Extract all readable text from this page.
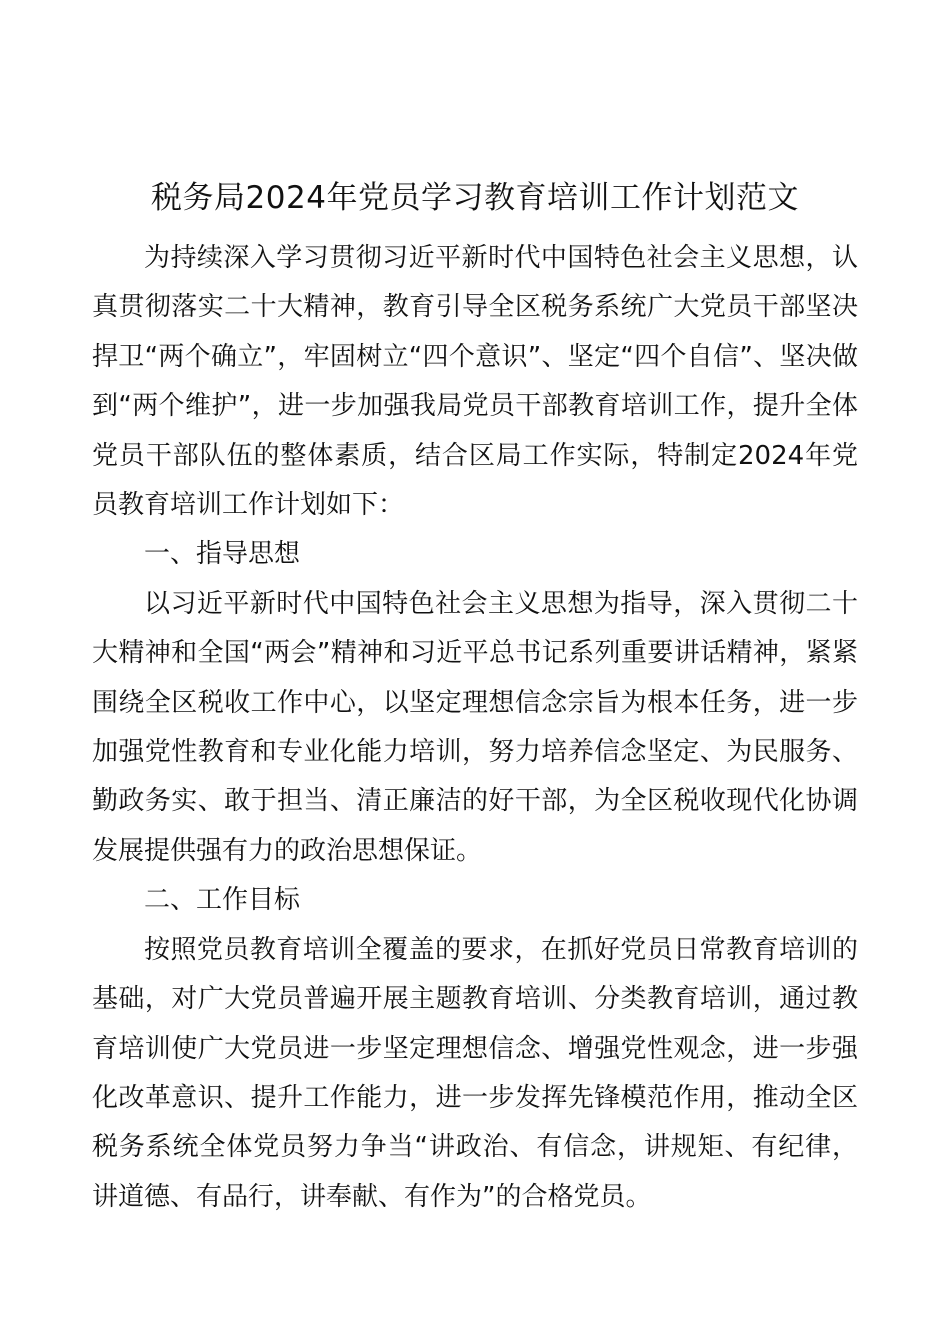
税务局2024年党员学习教育培训工作计划范文

为持续深入学习贯彻习近平新时代中国特色社会主义思想，认真贯彻落实二十大精神，教育引导全区税务系统广大党员干部坚决捍卫“两个确立”，牢固树立“四个意识”、坚定“四个自信”、坚决做到“两个维护”，进一步加强我局党员干部教育培训工作，提升全体党员干部队伍的整体素质，结合区局工作实际，特制定2024年党员教育培训工作计划如下：

一、指导思想

以习近平新时代中国特色社会主义思想为指导，深入贯彻二十大精神和全国“两会”精神和习近平总书记系列重要讲话精神，紧紧围绕全区税收工作中心，以坚定理想信念宗旨为根本任务，进一步加强党性教育和专业化能力培训，努力培养信念坚定、为民服务、勤政务实、敢于担当、清正廉洁的好干部，为全区税收现代化协调发展提供强有力的政治思想保证。

二、工作目标

按照党员教育培训全覆盖的要求，在抓好党员日常教育培训的基础，对广大党员普遍开展主题教育培训、分类教育培训，通过教育培训使广大党员进一步坚定理想信念、增强党性观念，进一步强化改革意识、提升工作能力，进一步发挥先锋模范作用，推动全区税务系统全体党员努力争当“讲政治、有信念，讲规矩、有纪律，讲道德、有品行，讲奉献、有作为”的合格党员。
